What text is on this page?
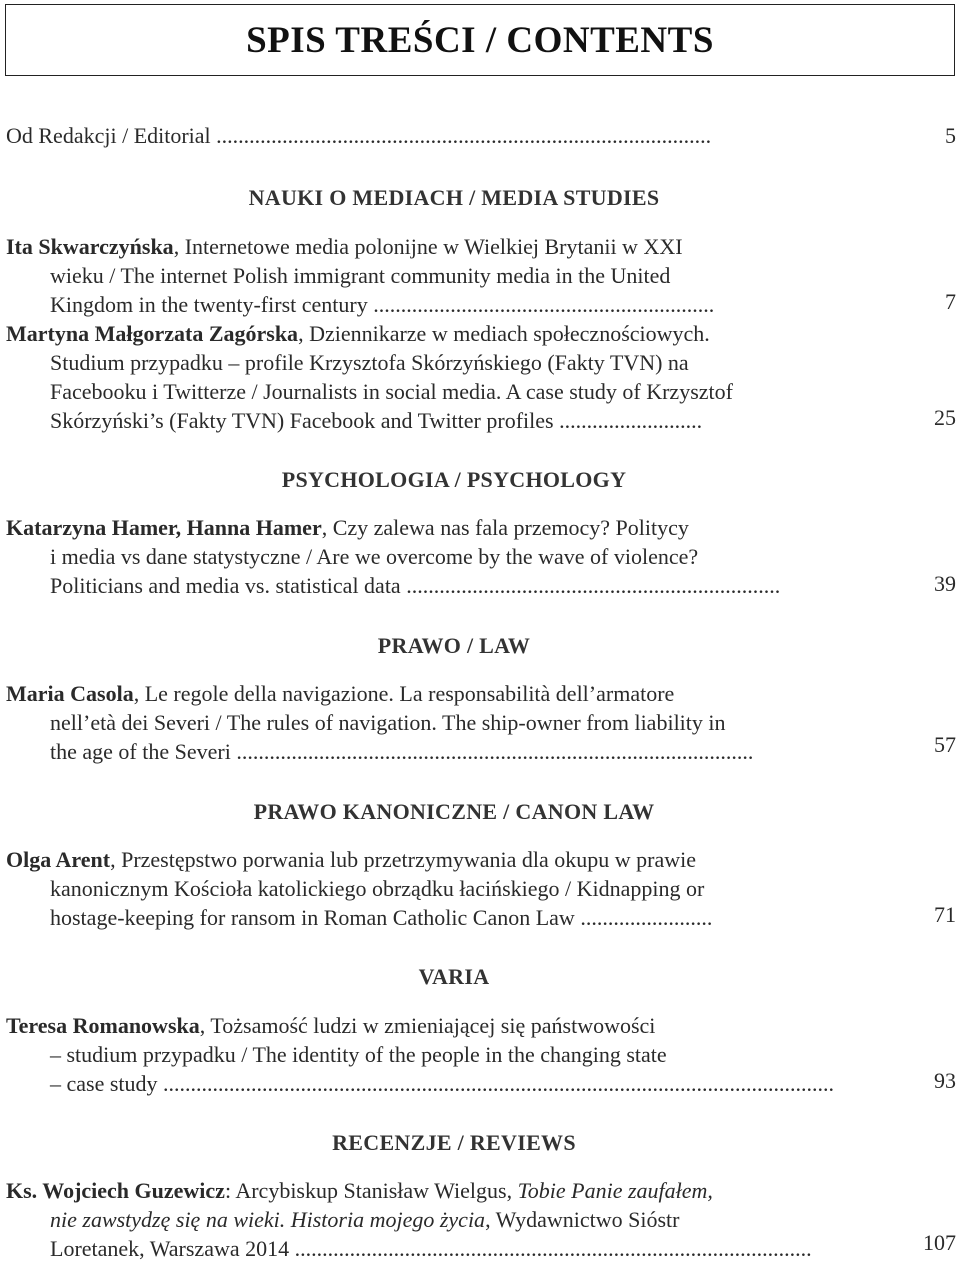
SPIS TREŚCI / CONTENTS
Od Redakcji / Editorial ..........................................................................................	5
NAUKI O MEDIACH / MEDIA STUDIES

Ita Skwarczyńska, Internetowe media polonijne w Wielkiej Brytanii w XXI
wieku / The internet Polish immigrant community media in the United
Kingdom in the twenty-first century ..............................................................	7

Martyna Małgorzata Zagórska, Dziennikarze w mediach społecznościowych.
Studium przypadku – profile Krzysztofa Skórzyńskiego (Fakty TVN) na
Facebooku i Twitterze / Journalists in social media. A case study of Krzysztof
Skórzyński’s (Fakty TVN) Facebook and Twitter profiles ..........................	25
PSYCHOLOGIA / PSYCHOLOGY

Katarzyna Hamer, Hanna Hamer, Czy zalewa nas fala przemocy? Politycy
i media vs dane statystyczne / Are we overcome by the wave of violence?
Politicians and media vs. statistical data ....................................................................	39
PRAWO / LAW

Maria Casola, Le regole della navigazione. La responsabilità dell’armatore
nell’età dei Severi / The rules of navigation. The ship-owner from liability in
the age of the Severi ..............................................................................................	57
PRAWO KANONICZNE / CANON LAW

Olga Arent, Przestępstwo porwania lub przetrzymywania dla okupu w prawie
kanonicznym Kościoła katolickiego obrządku łacińskiego / Kidnapping or
hostage-keeping for ransom in Roman Catholic Canon Law ........................	71
VARIA

Teresa Romanowska, Tożsamość ludzi w zmieniającej się państwowości
– studium przypadku / The identity of the people in the changing state
– case study ..........................................................................................................................	93
RECENZJE / REVIEWS

Ks. Wojciech Guzewicz: Arcybiskup Stanisław Wielgus, Tobie Panie zaufałem,
nie zawstydzę się na wieki. Historia mojego życia, Wydawnictwo Sióstr
Loretanek, Warszawa 2014 ..............................................................................................	107
